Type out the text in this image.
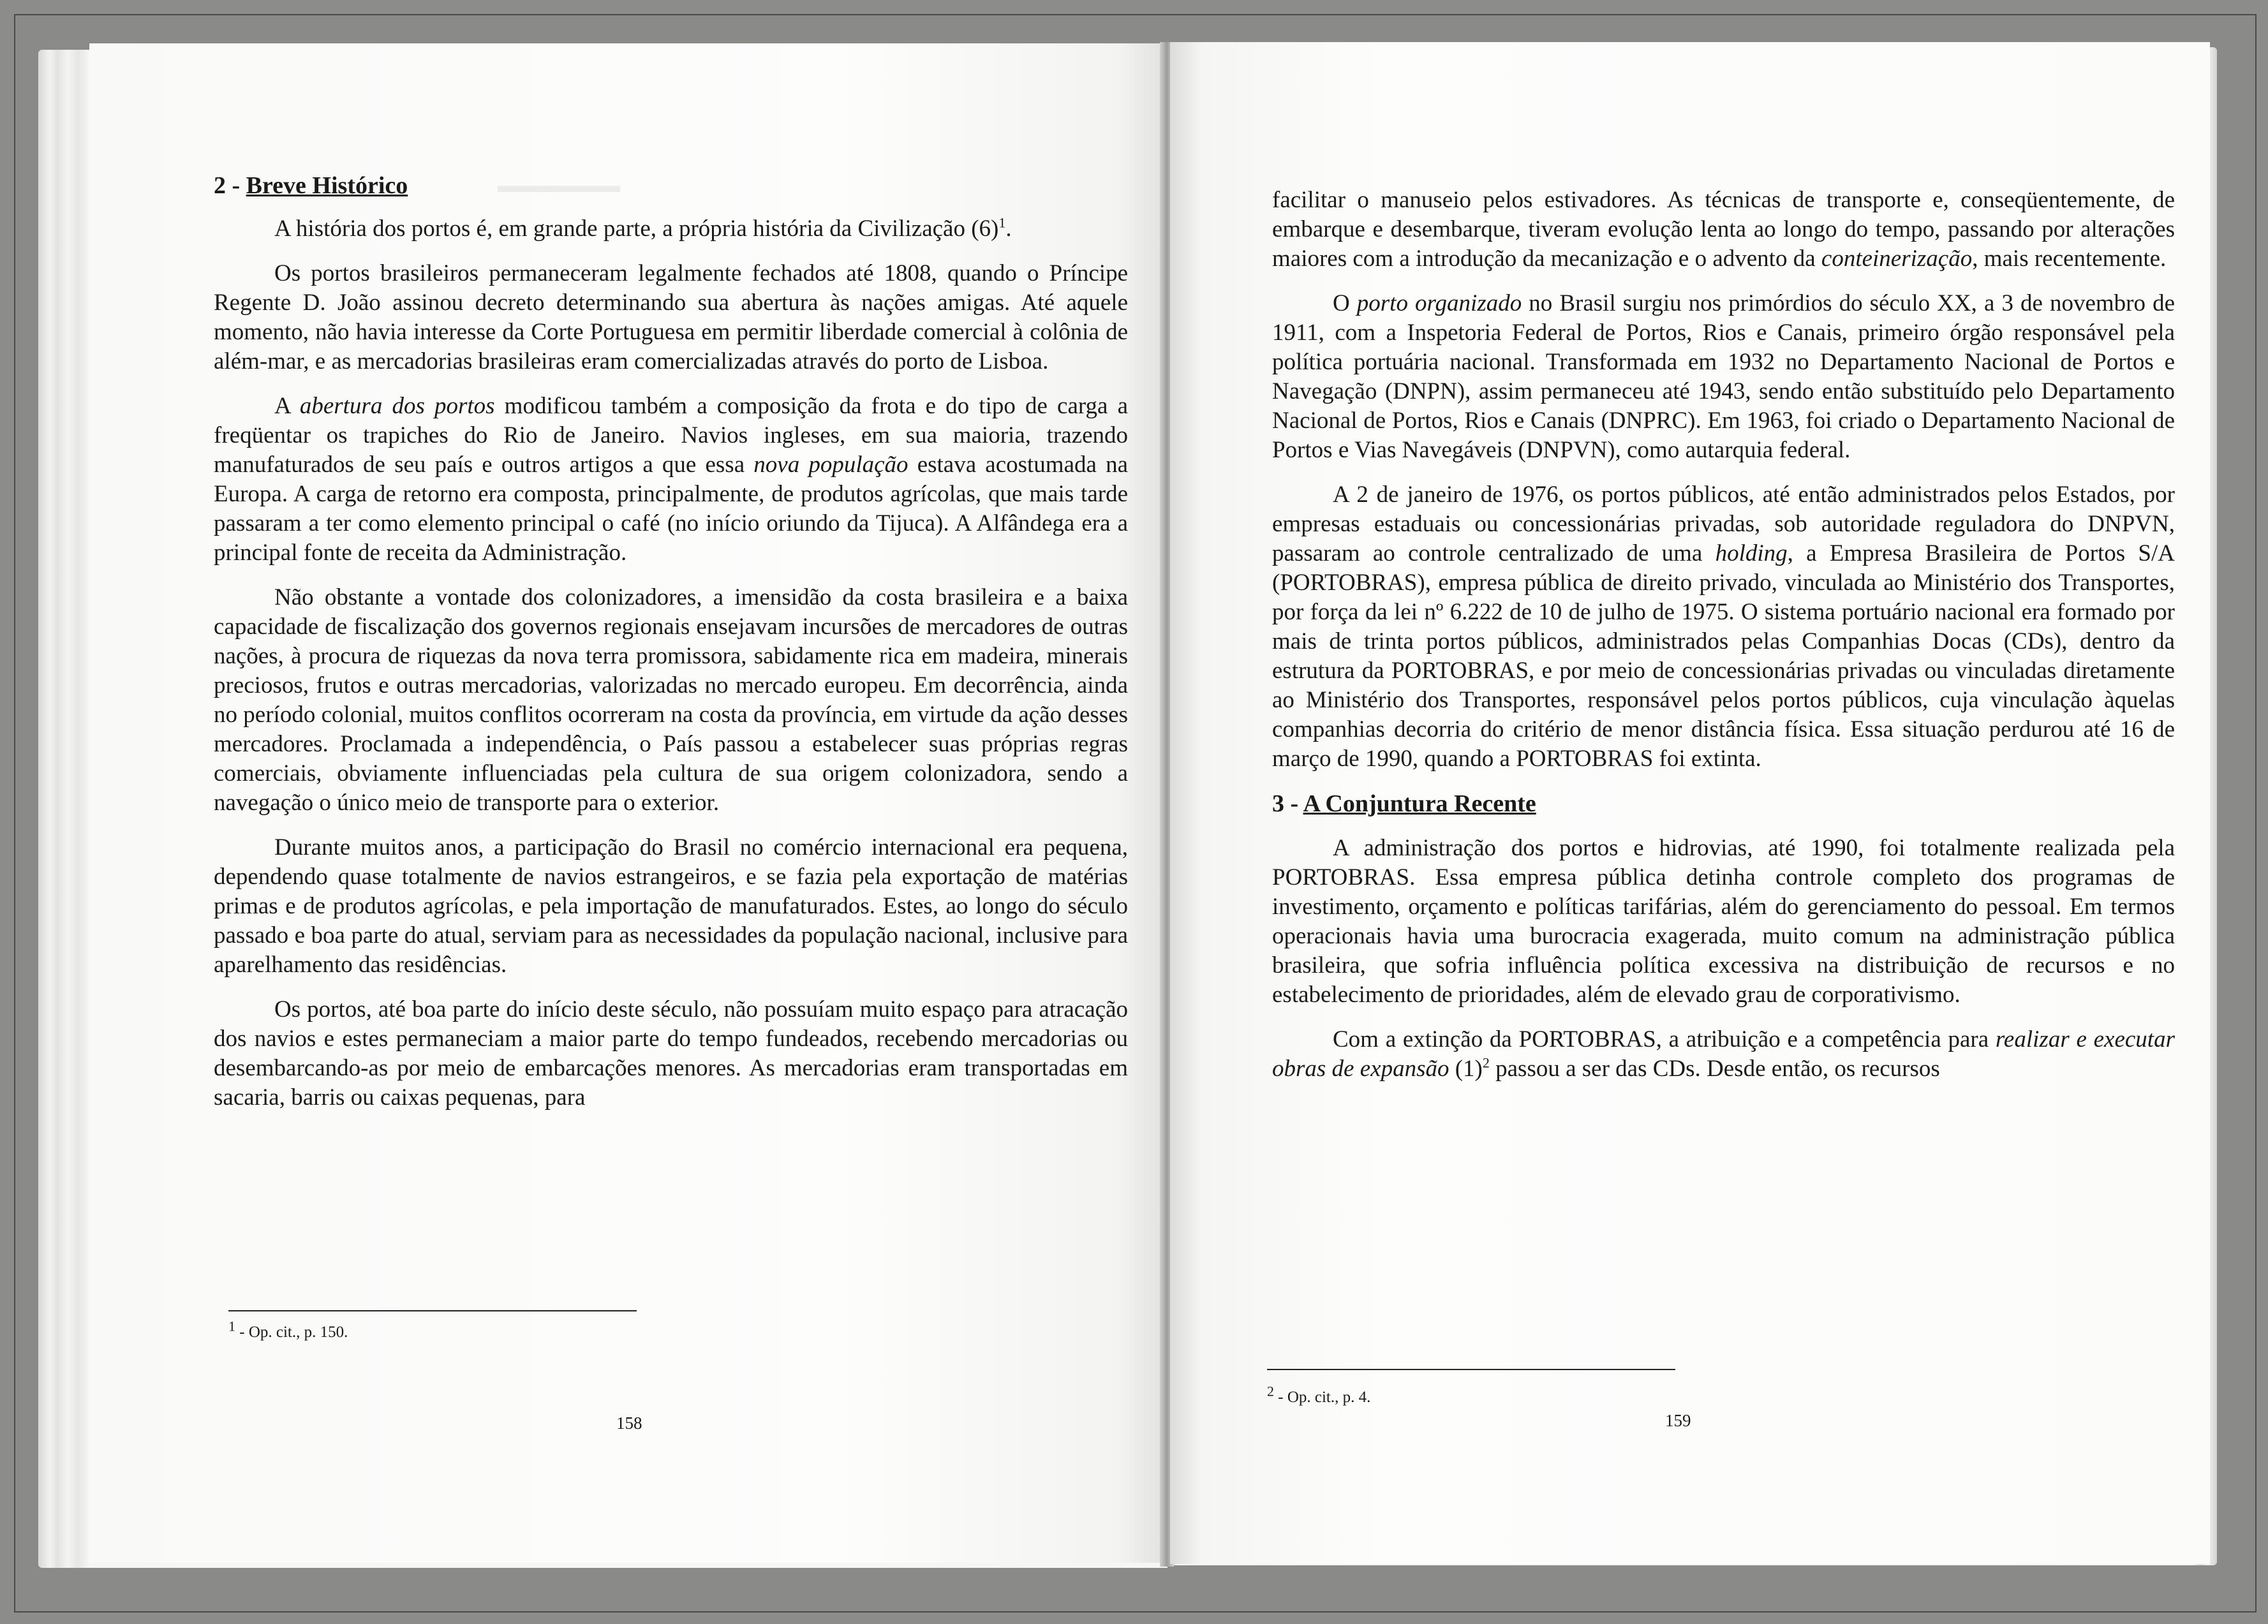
▬▬▬▬▬▬
2 - Breve Histórico

A história dos portos é, em grande parte, a própria história da Civilização $(6)^1$.

Os portos brasileiros permaneceram legalmente fechados até 1808, quando o Príncipe Regente D. João assinou decreto determinando sua abertura às nações amigas. Até aquele momento, não havia interesse da Corte Portuguesa em permitir liberdade comercial à colônia de além-mar, e as mercadorias brasileiras eram comercializadas através do porto de Lisboa.

A abertura dos portos modificou também a composição da frota e do tipo de carga a freqüentar os trapiches do Rio de Janeiro. Navios ingleses, em sua maioria, trazendo manufaturados de seu país e outros artigos a que essa nova população estava acostumada na Europa. A carga de retorno era composta, principalmente, de produtos agrícolas, que mais tarde passaram a ter como elemento principal o café (no início oriundo da Tijuca). A Alfândega era a principal fonte de receita da Administração.

Não obstante a vontade dos colonizadores, a imensidão da costa brasileira e a baixa capacidade de fiscalização dos governos regionais ensejavam incursões de mercadores de outras nações, à procura de riquezas da nova terra promissora, sabidamente rica em madeira, minerais preciosos, frutos e outras mercadorias, valorizadas no mercado europeu. Em decorrência, ainda no período colonial, muitos conflitos ocorreram na costa da província, em virtude da ação desses mercadores. Proclamada a independência, o País passou a estabelecer suas próprias regras comerciais, obviamente influenciadas pela cultura de sua origem colonizadora, sendo a navegação o único meio de transporte para o exterior.

Durante muitos anos, a participação do Brasil no comércio internacional era pequena, dependendo quase totalmente de navios estrangeiros, e se fazia pela exportação de matérias primas e de produtos agrícolas, e pela importação de manufaturados. Estes, ao longo do século passado e boa parte do atual, serviam para as necessidades da população nacional, inclusive para aparelhamento das residências.

Os portos, até boa parte do início deste século, não possuíam muito espaço para atracação dos navios e estes permaneciam a maior parte do tempo fundeados, recebendo mercadorias ou desembarcando-as por meio de embarcações menores. As mercadorias eram transportadas em sacaria, barris ou caixas pequenas, para

$^1$ - Op. cit., p. 150.
158

facilitar o manuseio pelos estivadores. As técnicas de transporte e, conseqüentemente, de embarque e desembarque, tiveram evolução lenta ao longo do tempo, passando por alterações maiores com a introdução da mecanização e o advento da conteinerização, mais recentemente.

O porto organizado no Brasil surgiu nos primórdios do século XX, a 3 de novembro de 1911, com a Inspetoria Federal de Portos, Rios e Canais, primeiro órgão responsável pela política portuária nacional. Transformada em 1932 no Departamento Nacional de Portos e Navegação (DNPN), assim permaneceu até 1943, sendo então substituído pelo Departamento Nacional de Portos, Rios e Canais (DNPRC). Em 1963, foi criado o Departamento Nacional de Portos e Vias Navegáveis (DNPVN), como autarquia federal.

A 2 de janeiro de 1976, os portos públicos, até então administrados pelos Estados, por empresas estaduais ou concessionárias privadas, sob autoridade reguladora do DNPVN, passaram ao controle centralizado de uma holding, a Empresa Brasileira de Portos S/A (PORTOBRAS), empresa pública de direito privado, vinculada ao Ministério dos Transportes, por força da lei nº 6.222 de 10 de julho de 1975. O sistema portuário nacional era formado por mais de trinta portos públicos, administrados pelas Companhias Docas (CDs), dentro da estrutura da PORTOBRAS, e por meio de concessionárias privadas ou vinculadas diretamente ao Ministério dos Transportes, responsável pelos portos públicos, cuja vinculação àquelas companhias decorria do critério de menor distância física. Essa situação perdurou até 16 de março de 1990, quando a PORTOBRAS foi extinta.

3 - A Conjuntura Recente

A administração dos portos e hidrovias, até 1990, foi totalmente realizada pela PORTOBRAS. Essa empresa pública detinha controle completo dos programas de investimento, orçamento e políticas tarifárias, além do gerenciamento do pessoal. Em termos operacionais havia uma burocracia exagerada, muito comum na administração pública brasileira, que sofria influência política excessiva na distribuição de recursos e no estabelecimento de prioridades, além de elevado grau de corporativismo.

Com a extinção da PORTOBRAS, a atribuição e a competência para realizar e executar obras de expansão $(1)^2$ passou a ser das CDs. Desde então, os recursos

$^2$ - Op. cit., p. 4.
159
